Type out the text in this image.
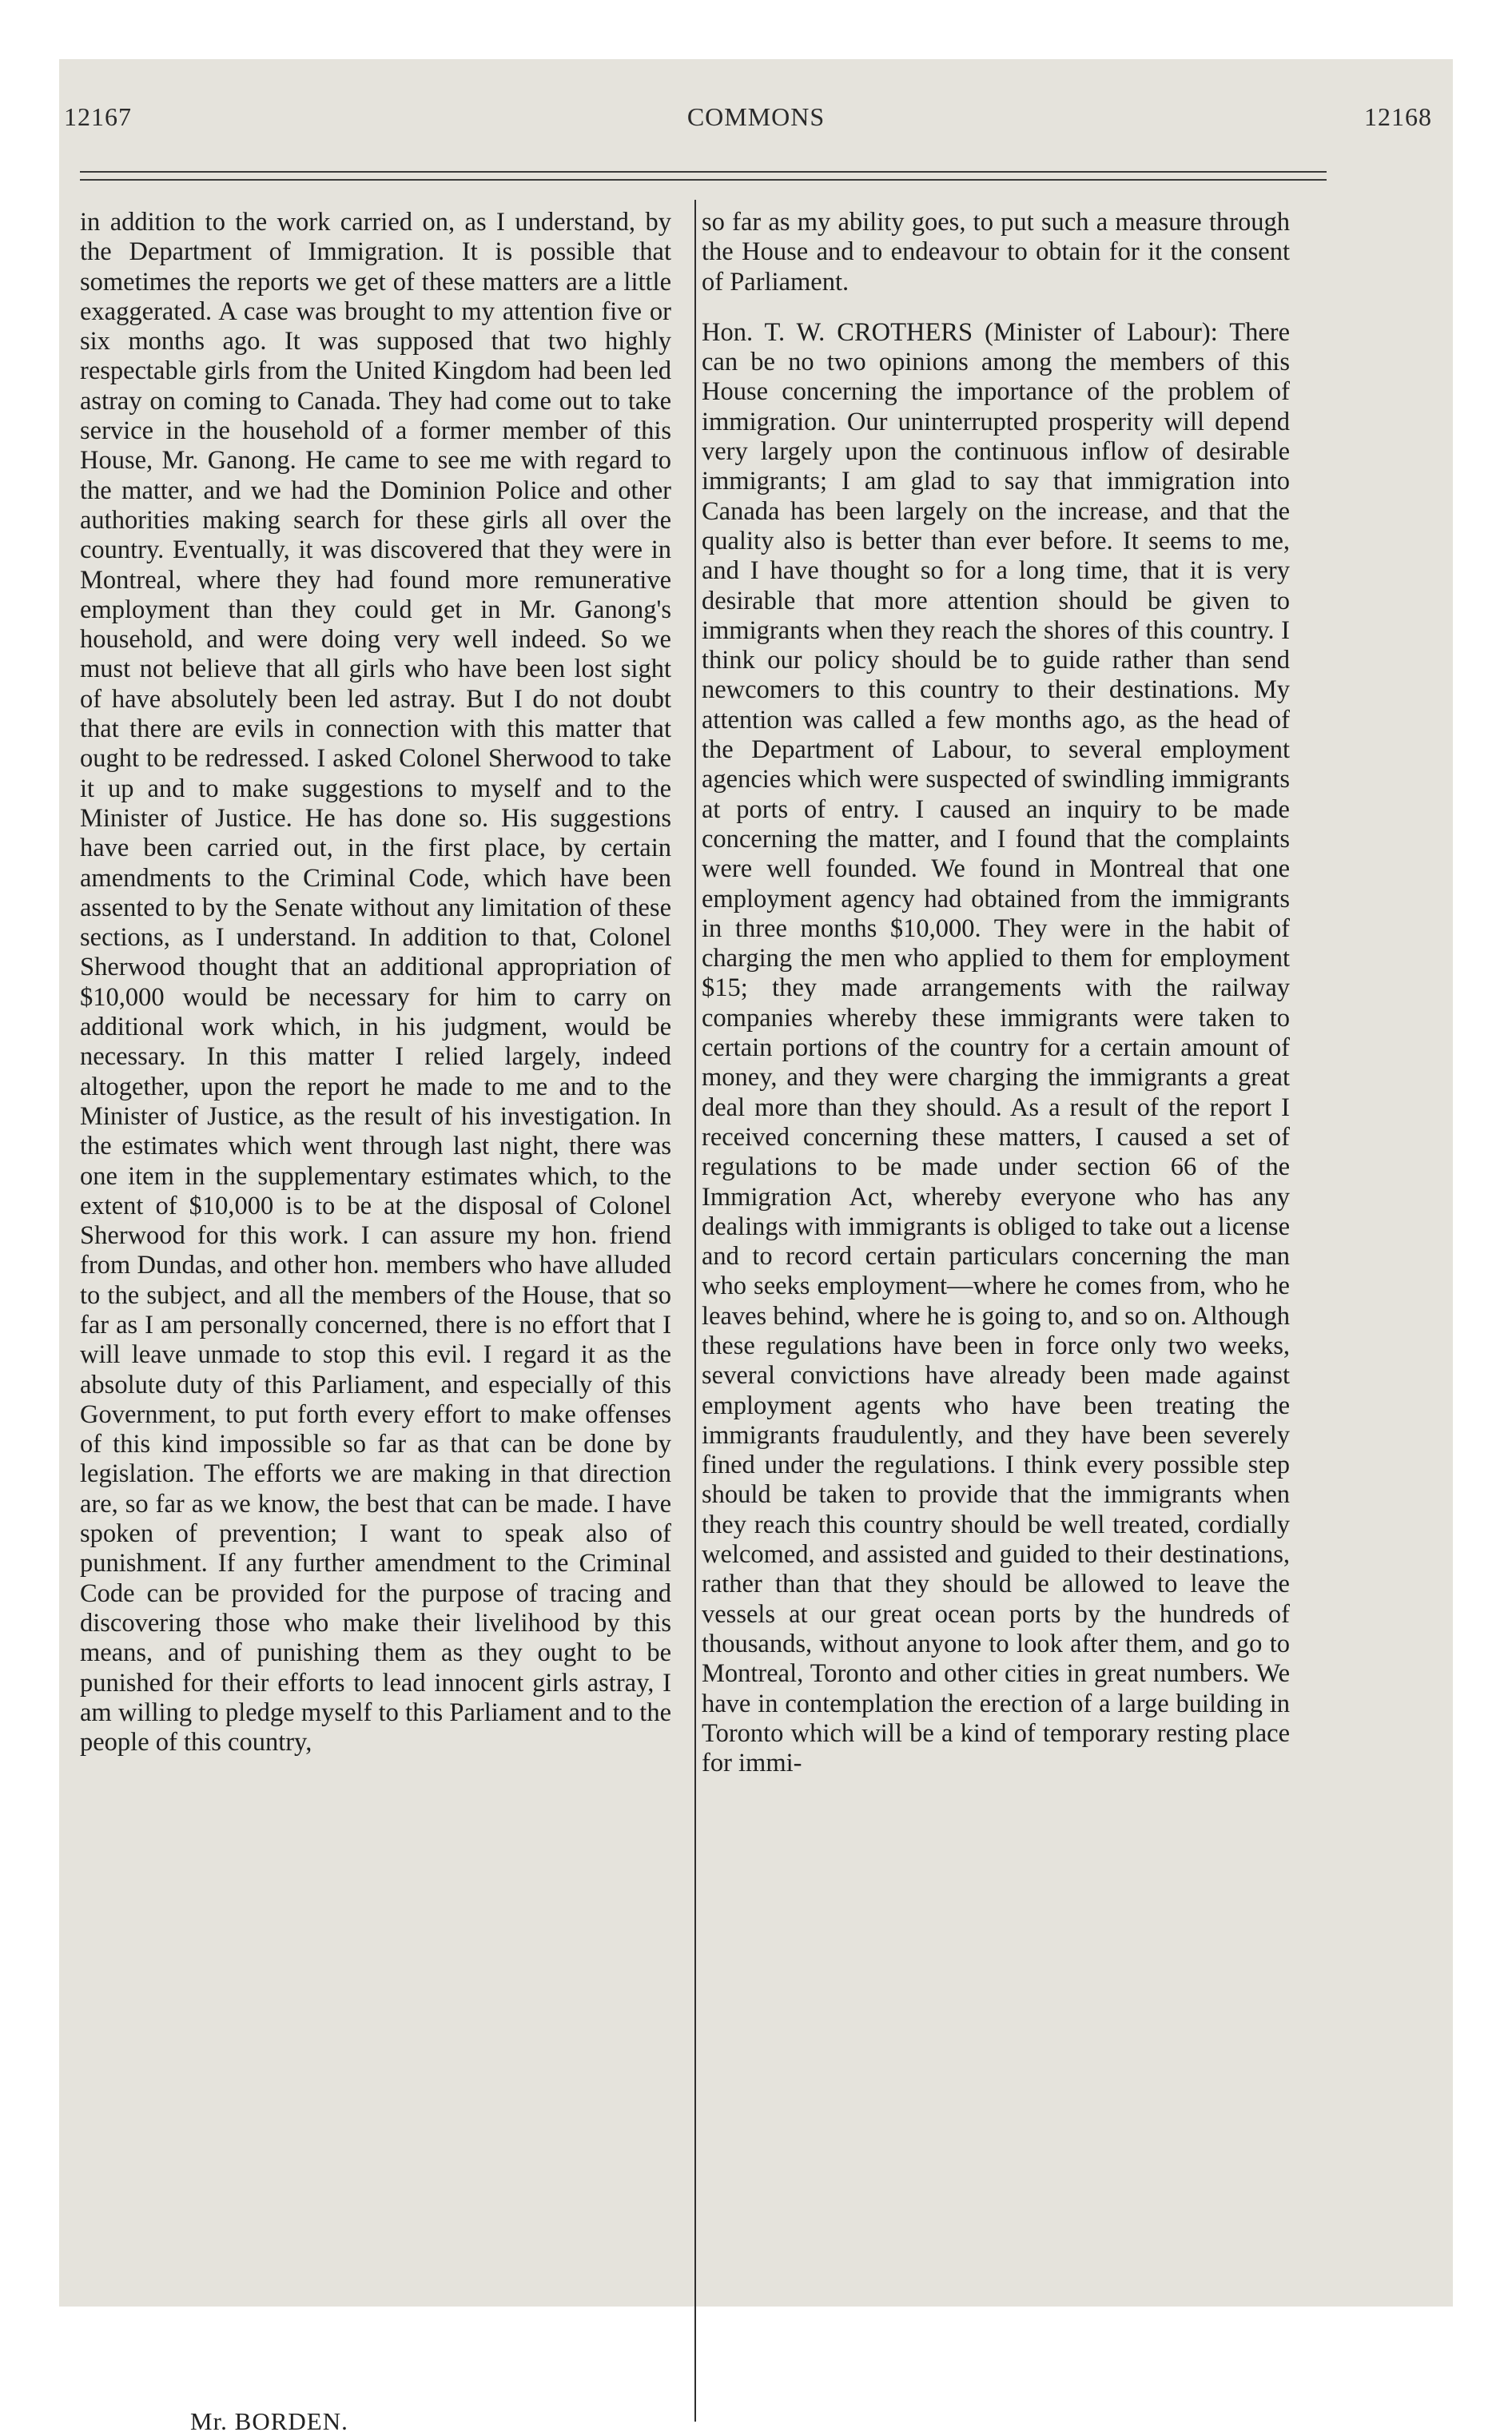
12167	COMMONS	12168

in addition to the work carried on, as I understand, by the Department of Immigration. It is possible that sometimes the reports we get of these matters are a little exaggerated. A case was brought to my attention five or six months ago. It was supposed that two highly respectable girls from the United Kingdom had been led astray on coming to Canada. They had come out to take service in the household of a former member of this House, Mr. Ganong. He came to see me with regard to the matter, and we had the Dominion Police and other authorities making search for these girls all over the country. Eventually, it was discovered that they were in Montreal, where they had found more remunerative employment than they could get in Mr. Ganong's household, and were doing very well indeed. So we must not believe that all girls who have been lost sight of have absolutely been led astray. But I do not doubt that there are evils in connection with this matter that ought to be redressed. I asked Colonel Sherwood to take it up and to make suggestions to myself and to the Minister of Justice. He has done so. His suggestions have been carried out, in the first place, by certain amendments to the Criminal Code, which have been assented to by the Senate without any limitation of these sections, as I understand. In addition to that, Colonel Sherwood thought that an additional appropriation of $10,000 would be necessary for him to carry on additional work which, in his judgment, would be necessary. In this matter I relied largely, indeed altogether, upon the report he made to me and to the Minister of Justice, as the result of his investigation. In the estimates which went through last night, there was one item in the supplementary estimates which, to the extent of $10,000 is to be at the disposal of Colonel Sherwood for this work. I can assure my hon. friend from Dundas, and other hon. members who have alluded to the subject, and all the members of the House, that so far as I am personally concerned, there is no effort that I will leave unmade to stop this evil. I regard it as the absolute duty of this Parliament, and especially of this Government, to put forth every effort to make offenses of this kind impossible so far as that can be done by legislation. The efforts we are making in that direction are, so far as we know, the best that can be made. I have spoken of prevention; I want to speak also of punishment. If any further amendment to the Criminal Code can be provided for the purpose of tracing and discovering those who make their livelihood by this means, and of punishing them as they ought to be punished for their efforts to lead innocent girls astray, I am willing to pledge myself to this Parliament and to the people of this country,

so far as my ability goes, to put such a measure through the House and to endeavour to obtain for it the consent of Parliament.

Hon. T. W. CROTHERS (Minister of Labour): There can be no two opinions among the members of this House concerning the importance of the problem of immigration. Our uninterrupted prosperity will depend very largely upon the continuous inflow of desirable immigrants; I am glad to say that immigration into Canada has been largely on the increase, and that the quality also is better than ever before. It seems to me, and I have thought so for a long time, that it is very desirable that more attention should be given to immigrants when they reach the shores of this country. I think our policy should be to guide rather than send newcomers to this country to their destinations. My attention was called a few months ago, as the head of the Department of Labour, to several employment agencies which were suspected of swindling immigrants at ports of entry. I caused an inquiry to be made concerning the matter, and I found that the complaints were well founded. We found in Montreal that one employment agency had obtained from the immigrants in three months $10,000. They were in the habit of charging the men who applied to them for employment $15; they made arrangements with the railway companies whereby these immigrants were taken to certain portions of the country for a certain amount of money, and they were charging the immigrants a great deal more than they should. As a result of the report I received concerning these matters, I caused a set of regulations to be made under section 66 of the Immigration Act, whereby everyone who has any dealings with immigrants is obliged to take out a license and to record certain particulars concerning the man who seeks employment—where he comes from, who he leaves behind, where he is going to, and so on. Although these regulations have been in force only two weeks, several convictions have already been made against employment agents who have been treating the immigrants fraudulently, and they have been severely fined under the regulations. I think every possible step should be taken to provide that the immigrants when they reach this country should be well treated, cordially welcomed, and assisted and guided to their destinations, rather than that they should be allowed to leave the vessels at our great ocean ports by the hundreds of thousands, without anyone to look after them, and go to Montreal, Toronto and other cities in great numbers. We have in contemplation the erection of a large building in Toronto which will be a kind of temporary resting place for immi-

Mr. BORDEN.
